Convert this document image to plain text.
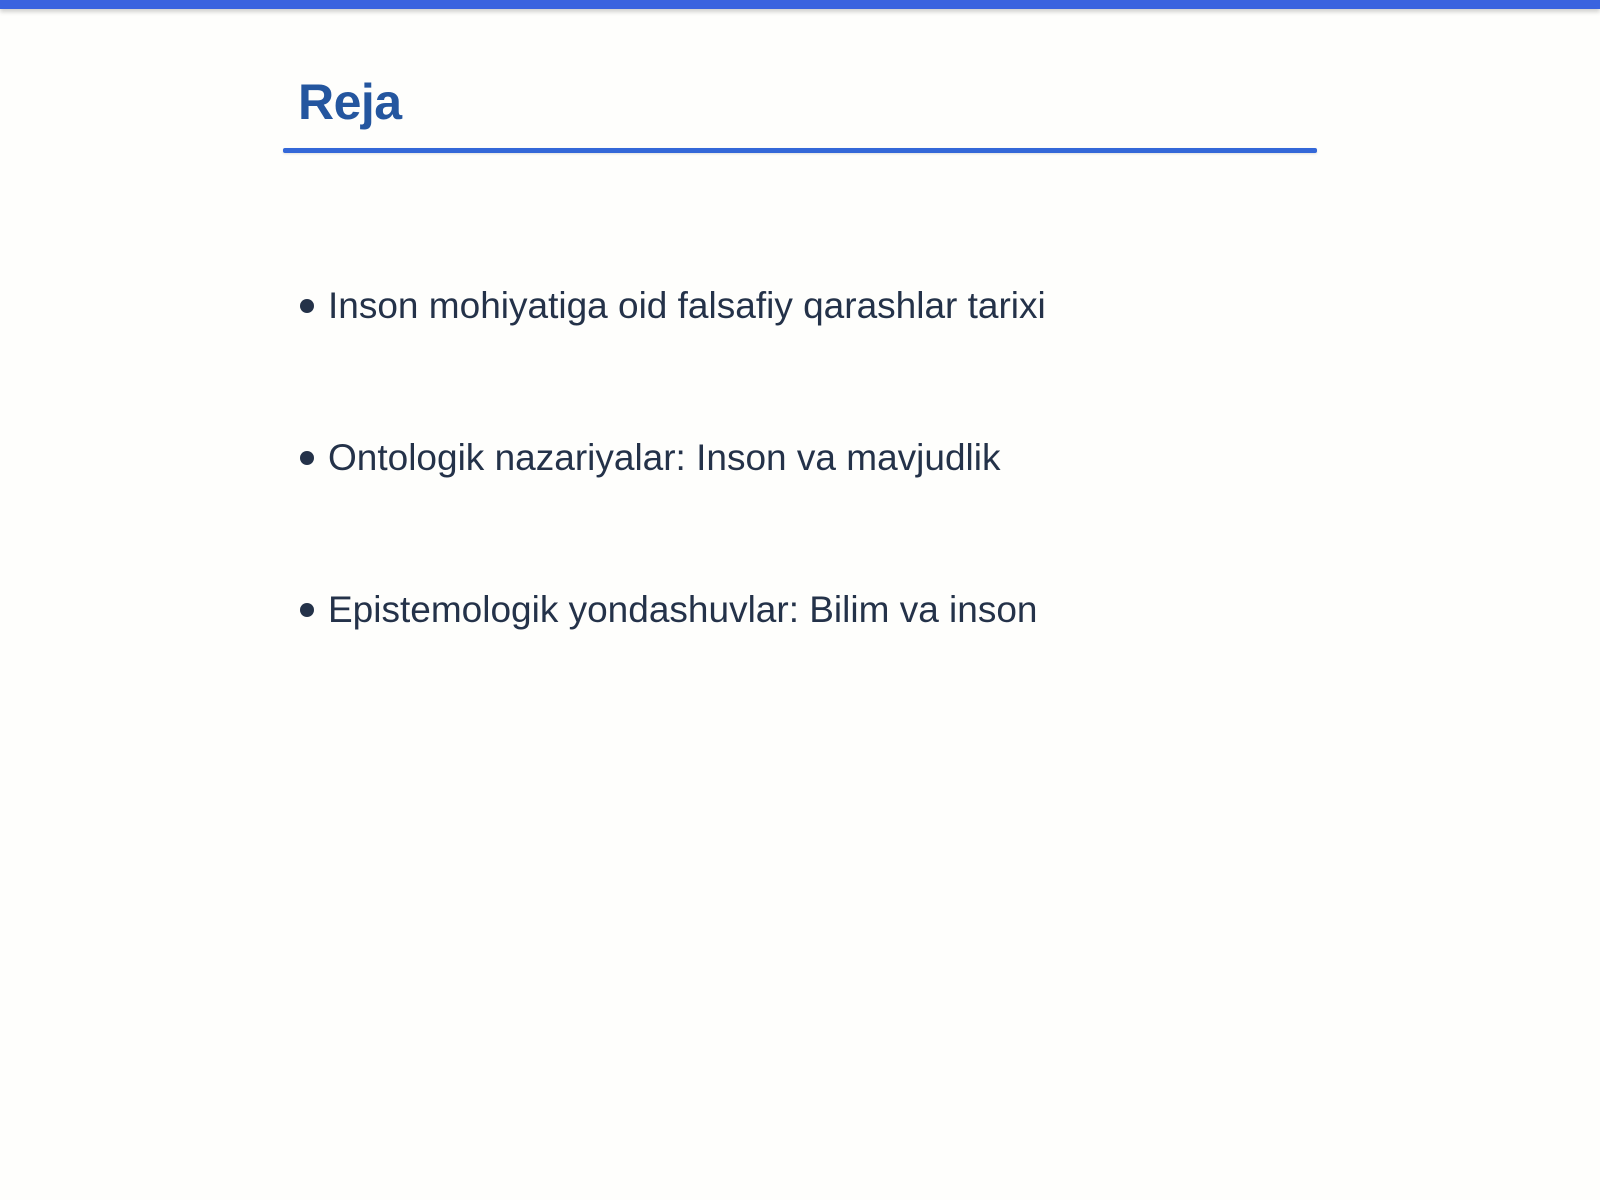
Reja
Inson mohiyatiga oid falsafiy qarashlar tarixi
Ontologik nazariyalar: Inson va mavjudlik
Epistemologik yondashuvlar: Bilim va inson
